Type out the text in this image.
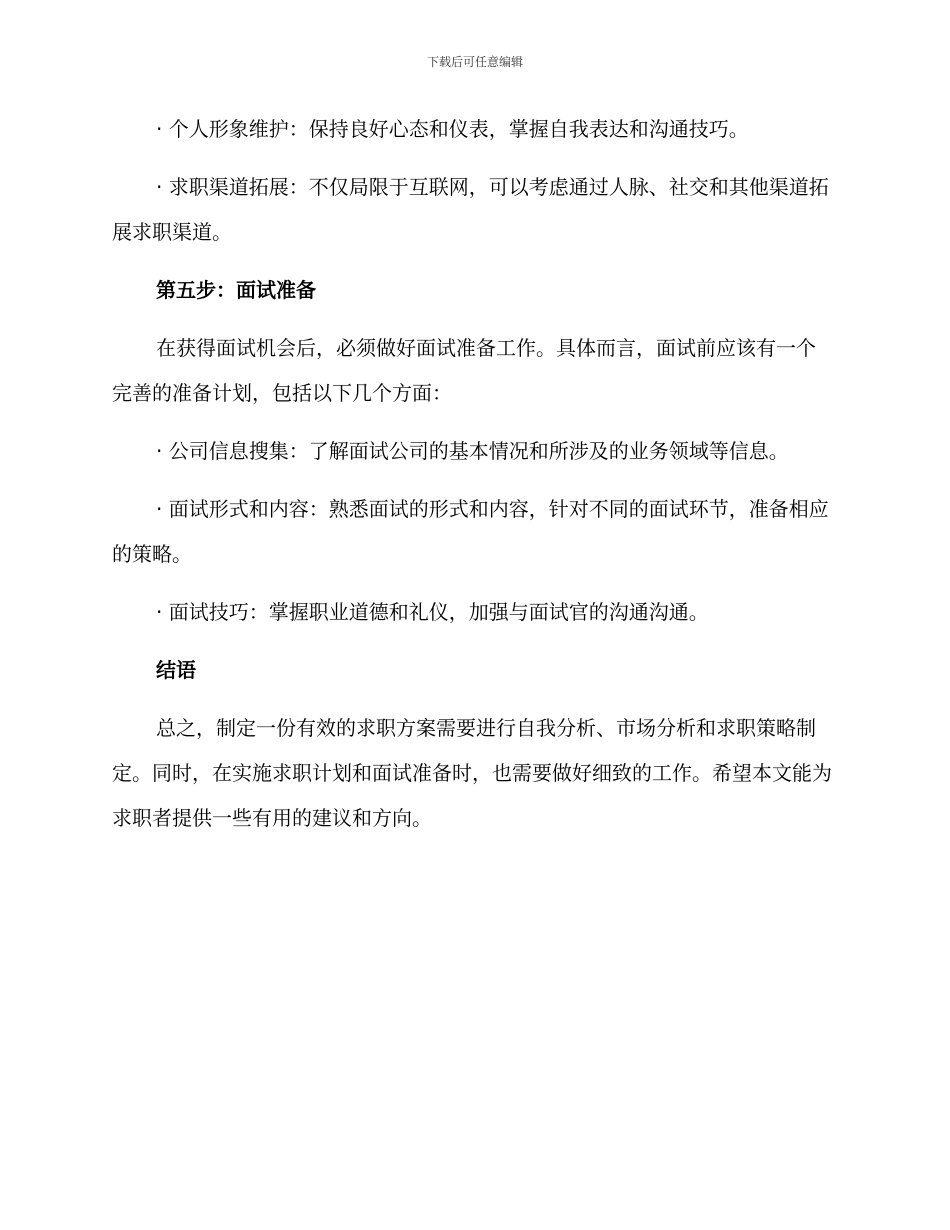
下载后可任意编辑

· 个人形象维护：保持良好心态和仪表，掌握自我表达和沟通技巧。

· 求职渠道拓展：不仅局限于互联网，可以考虑通过人脉、社交和其他渠道拓展求职渠道。

第五步：面试准备

在获得面试机会后，必须做好面试准备工作。具体而言，面试前应该有一个完善的准备计划，包括以下几个方面：

· 公司信息搜集：了解面试公司的基本情况和所涉及的业务领域等信息。

· 面试形式和内容：熟悉面试的形式和内容，针对不同的面试环节，准备相应的策略。

· 面试技巧：掌握职业道德和礼仪，加强与面试官的沟通沟通。

结语

总之，制定一份有效的求职方案需要进行自我分析、市场分析和求职策略制定。同时，在实施求职计划和面试准备时，也需要做好细致的工作。希望本文能为求职者提供一些有用的建议和方向。
